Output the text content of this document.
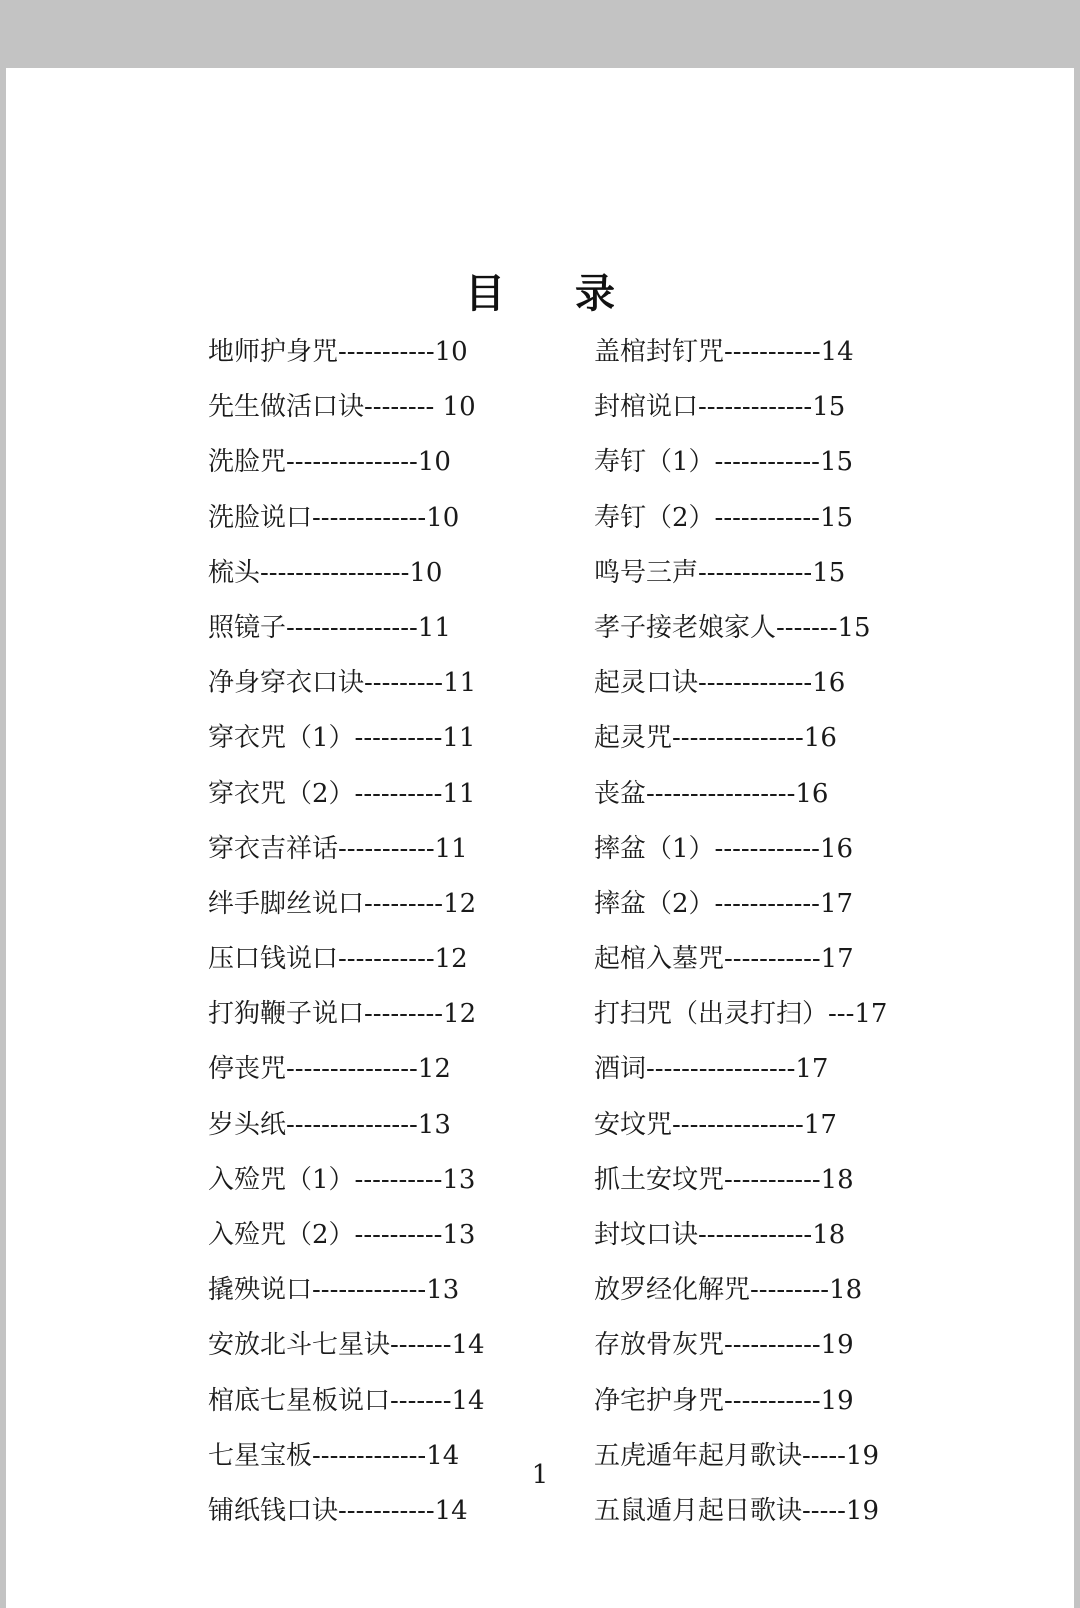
目 录
地师护身咒-----------10
先生做活口诀-------- 10
洗脸咒---------------10
洗脸说口-------------10
梳头-----------------10
照镜子---------------11
净身穿衣口诀---------11
穿衣咒（1）----------11
穿衣咒（2）----------11
穿衣吉祥话-----------11
绊手脚丝说口---------12
压口钱说口-----------12
打狗鞭子说口---------12
停丧咒---------------12
岁头纸---------------13
入殓咒（1）----------13
入殓咒（2）----------13
撬殃说口-------------13
安放北斗七星诀-------14
棺底七星板说口-------14
七星宝板-------------14
铺纸钱口诀-----------14
盖棺封钉咒-----------14
封棺说口-------------15
寿钉（1）------------15
寿钉（2）------------15
鸣号三声-------------15
孝子接老娘家人-------15
起灵口诀-------------16
起灵咒---------------16
丧盆-----------------16
摔盆（1）------------16
摔盆（2）------------17
起棺入墓咒-----------17
打扫咒（出灵打扫）---17
酒词-----------------17
安坟咒---------------17
抓土安坟咒-----------18
封坟口诀-------------18
放罗经化解咒---------18
存放骨灰咒-----------19
净宅护身咒-----------19
五虎遁年起月歌诀-----19
五鼠遁月起日歌诀-----19
1
